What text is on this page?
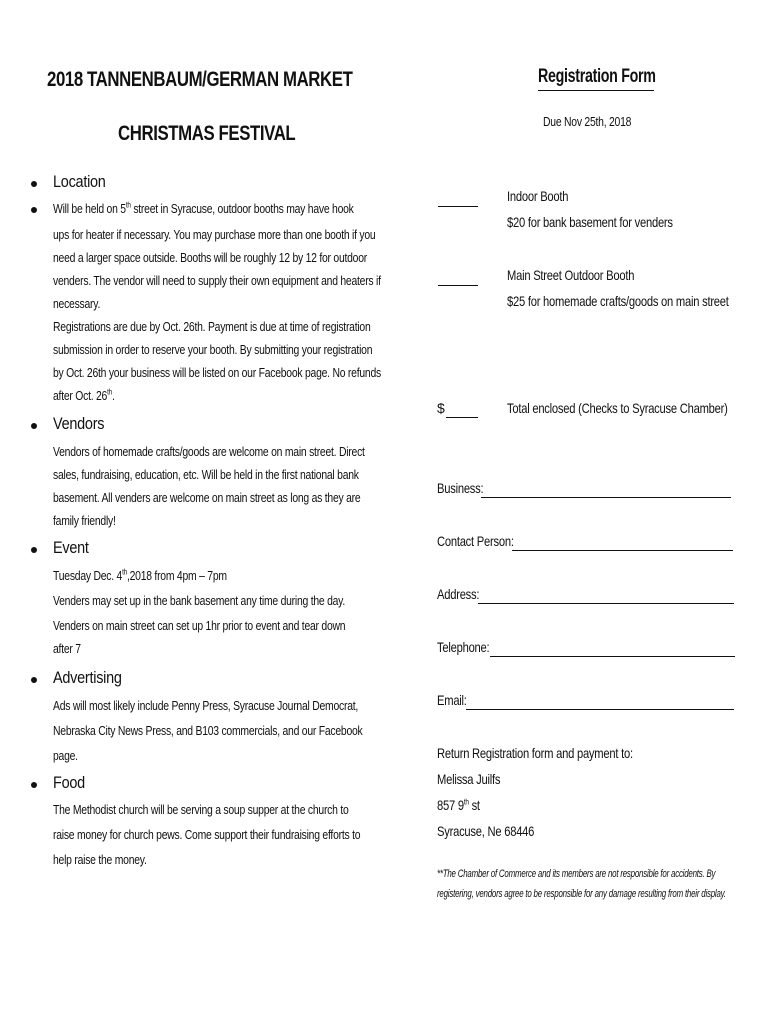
2018 TANNENBAUM/GERMAN MARKET
CHRISTMAS FESTIVAL
Location
Will be held on 5th street in Syracuse, outdoor booths may have hook
ups for heater if necessary. You may purchase more than one booth if you
need a larger space outside. Booths will be roughly 12 by 12 for outdoor
venders. The vendor will need to supply their own equipment and heaters if
necessary.
Registrations are due by Oct. 26th. Payment is due at time of registration
submission in order to reserve your booth. By submitting your registration
by Oct. 26th your business will be listed on our Facebook page. No refunds
after Oct. 26th.
Vendors
Vendors of homemade crafts/goods are welcome on main street. Direct
sales, fundraising, education, etc. Will be held in the first national bank
basement. All venders are welcome on main street as long as they are
family friendly!
Event
Tuesday Dec. 4th,2018 from 4pm – 7pm
Venders may set up in the bank basement any time during the day.
Venders on main street can set up 1hr prior to event and tear down
after 7
Advertising
Ads will most likely include Penny Press, Syracuse Journal Democrat,
Nebraska City News Press, and B103 commercials, and our Facebook
page.
Food
The Methodist church will be serving a soup supper at the church to
raise money for church pews. Come support their fundraising efforts to
help raise the money.
Registration Form
Due Nov 25th, 2018
Indoor Booth
$20 for bank basement for venders
Main Street Outdoor Booth
$25 for homemade crafts/goods on main street
$	Total enclosed (Checks to Syracuse Chamber)
Business:
Contact Person:
Address:
Telephone:
Email:
Return Registration form and payment to:
Melissa Juilfs
857 9th st
Syracuse, Ne 68446
**The Chamber of Commerce and its members are not responsible for accidents. By
registering, vendors agree to be responsible for any damage resulting from their display.
